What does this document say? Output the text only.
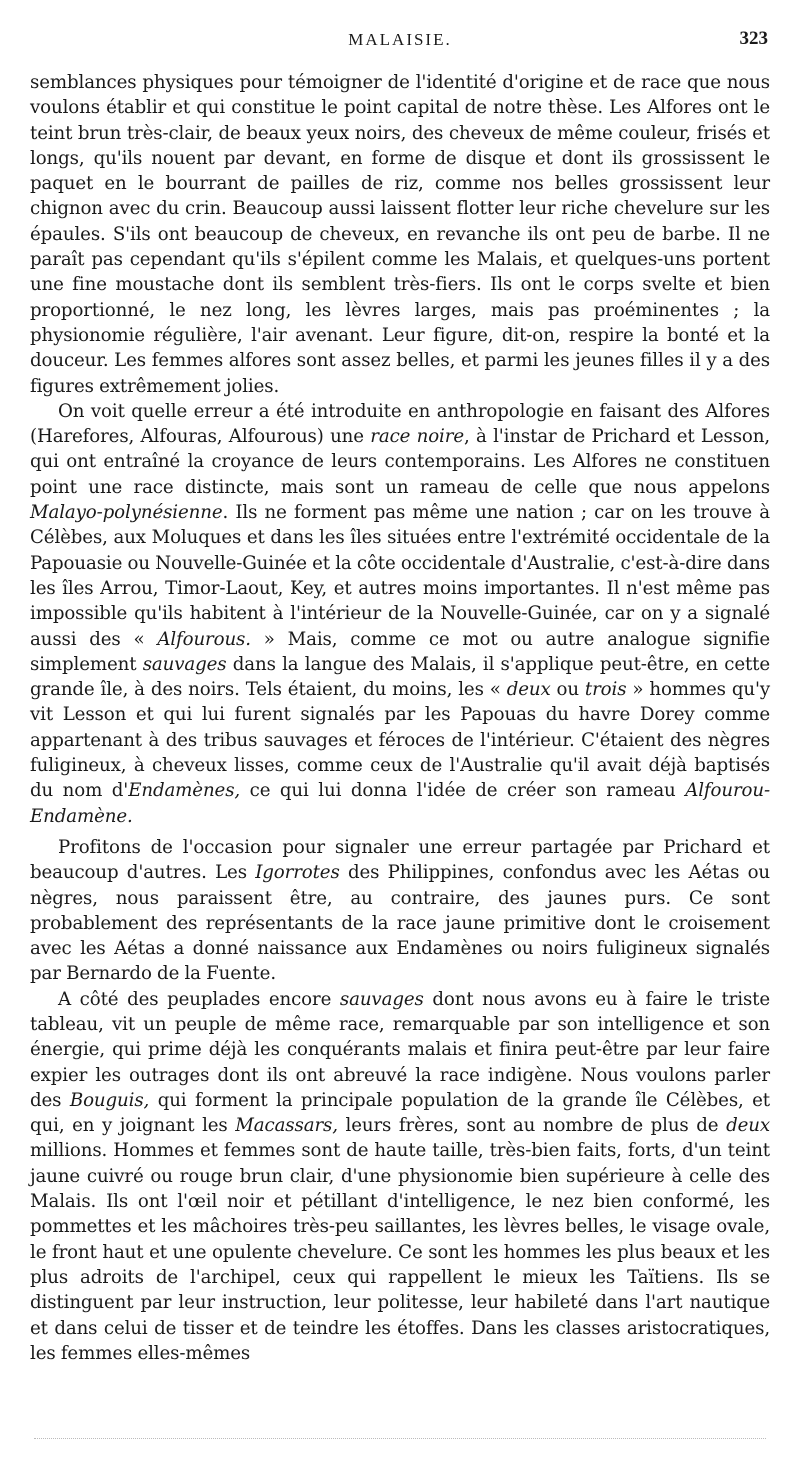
MALAISIE.	323

semblances physiques pour témoigner de l'identité d'origine et de race que nous voulons établir et qui constitue le point capital de notre thèse. Les Alfores ont le teint brun très-clair, de beaux yeux noirs, des cheveux de même couleur, frisés et longs, qu'ils nouent par devant, en forme de disque et dont ils grossissent le paquet en le bourrant de pailles de riz, comme nos belles grossissent leur chignon avec du crin. Beaucoup aussi laissent flotter leur riche chevelure sur les épaules. S'ils ont beaucoup de cheveux, en revanche ils ont peu de barbe. Il ne paraît pas cependant qu'ils s'épilent comme les Malais, et quelques-uns portent une fine moustache dont ils semblent très-fiers. Ils ont le corps svelte et bien proportionné, le nez long, les lèvres larges, mais pas proéminentes ; la physionomie régulière, l'air avenant. Leur figure, dit-on, respire la bonté et la douceur. Les femmes alfores sont assez belles, et parmi les jeunes filles il y a des figures extrêmement jolies.

On voit quelle erreur a été introduite en anthropologie en faisant des Alfores (Harefores, Alfouras, Alfourous) une race noire, à l'instar de Prichard et Lesson, qui ont entraîné la croyance de leurs contemporains. Les Alfores ne constituen point une race distincte, mais sont un rameau de celle que nous appelons Malayo-polynésienne. Ils ne forment pas même une nation ; car on les trouve à Célèbes, aux Moluques et dans les îles situées entre l'extrémité occidentale de la Papouasie ou Nouvelle-Guinée et la côte occidentale d'Australie, c'est-à-dire dans les îles Arrou, Timor-Laout, Key, et autres moins importantes. Il n'est même pas impossible qu'ils habitent à l'intérieur de la Nouvelle-Guinée, car on y a signalé aussi des « Alfourous. » Mais, comme ce mot ou autre analogue signifie simplement sauvages dans la langue des Malais, il s'applique peut-être, en cette grande île, à des noirs. Tels étaient, du moins, les « deux ou trois » hommes qu'y vit Lesson et qui lui furent signalés par les Papouas du havre Dorey comme appartenant à des tribus sauvages et féroces de l'intérieur. C'étaient des nègres fuligineux, à cheveux lisses, comme ceux de l'Australie qu'il avait déjà baptisés du nom d'Endamènes, ce qui lui donna l'idée de créer son rameau Alfourou-Endamène.

Profitons de l'occasion pour signaler une erreur partagée par Prichard et beaucoup d'autres. Les Igorrotes des Philippines, confondus avec les Aétas ou nègres, nous paraissent être, au contraire, des jaunes purs. Ce sont probablement des représentants de la race jaune primitive dont le croisement avec les Aétas a donné naissance aux Endamènes ou noirs fuligineux signalés par Bernardo de la Fuente.

A côté des peuplades encore sauvages dont nous avons eu à faire le triste tableau, vit un peuple de même race, remarquable par son intelligence et son énergie, qui prime déjà les conquérants malais et finira peut-être par leur faire expier les outrages dont ils ont abreuvé la race indigène. Nous voulons parler des Bouguis, qui forment la principale population de la grande île Célèbes, et qui, en y joignant les Macassars, leurs frères, sont au nombre de plus de deux millions. Hommes et femmes sont de haute taille, très-bien faits, forts, d'un teint jaune cuivré ou rouge brun clair, d'une physionomie bien supérieure à celle des Malais. Ils ont l'œil noir et pétillant d'intelligence, le nez bien conformé, les pommettes et les mâchoires très-peu saillantes, les lèvres belles, le visage ovale, le front haut et une opulente chevelure. Ce sont les hommes les plus beaux et les plus adroits de l'archipel, ceux qui rappellent le mieux les Taïtiens. Ils se distinguent par leur instruction, leur politesse, leur habileté dans l'art nautique et dans celui de tisser et de teindre les étoffes. Dans les classes aristocratiques, les femmes elles-mêmes
